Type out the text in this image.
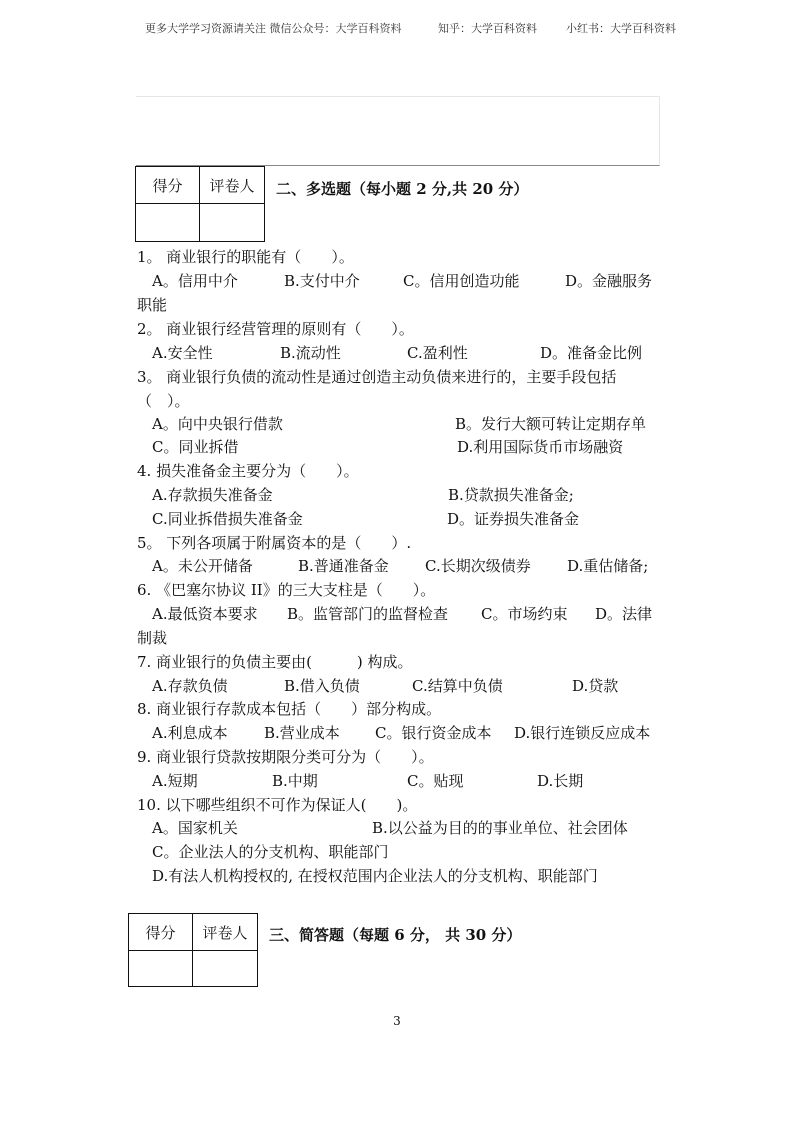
更多大学学习资源请关注 微信公众号：大学百科资料	知乎：大学百科资料	小红书：大学百科资料
得分	评卷人
	二、多选题（每小题 2 分,共 20 分）
1。 商业银行的职能有（　　）。
A。信用中介	B.支付中介	C。信用创造功能	D。金融服务
职能
2。 商业银行经营管理的原则有（　　）。
A.安全性	B.流动性	C.盈利性	D。准备金比例
3。 商业银行负债的流动性是通过创造主动负债来进行的，主要手段包括
（　）。
A。向中央银行借款	B。发行大额可转让定期存单
C。同业拆借	D.利用国际货币市场融资
4. 损失准备金主要分为（　　）。
A.存款损失准备金	B.贷款损失准备金;
C.同业拆借损失准备金	D。证券损失准备金
5。 下列各项属于附属资本的是（　　）.
A。未公开储备	B.普通准备金 C.长期次级债券 D.重估储备;
6. 《巴塞尔协议 II》的三大支柱是（　　）。
A.最低资本要求 B。监管部门的监督检查 C。市场约束 D。法律
制裁
7. 商业银行的负债主要由(　　　) 构成。
A.存款负债	B.借入负债	C.结算中负债	D.贷款
8. 商业银行存款成本包括（　　）部分构成。
A.利息成本 B.营业成本 C。银行资金成本 D.银行连锁反应成本
9. 商业银行贷款按期限分类可分为（　　）。
A.短期	B.中期	C。贴现	D.长期
10. 以下哪些组织不可作为保证人(　　)。
A。国家机关	B.以公益为目的的事业单位、社会团体
C。企业法人的分支机构、职能部门
D.有法人机构授权的, 在授权范围内企业法人的分支机构、职能部门
得分	评卷人
	三、简答题（每题 6 分， 共 30 分）
3
